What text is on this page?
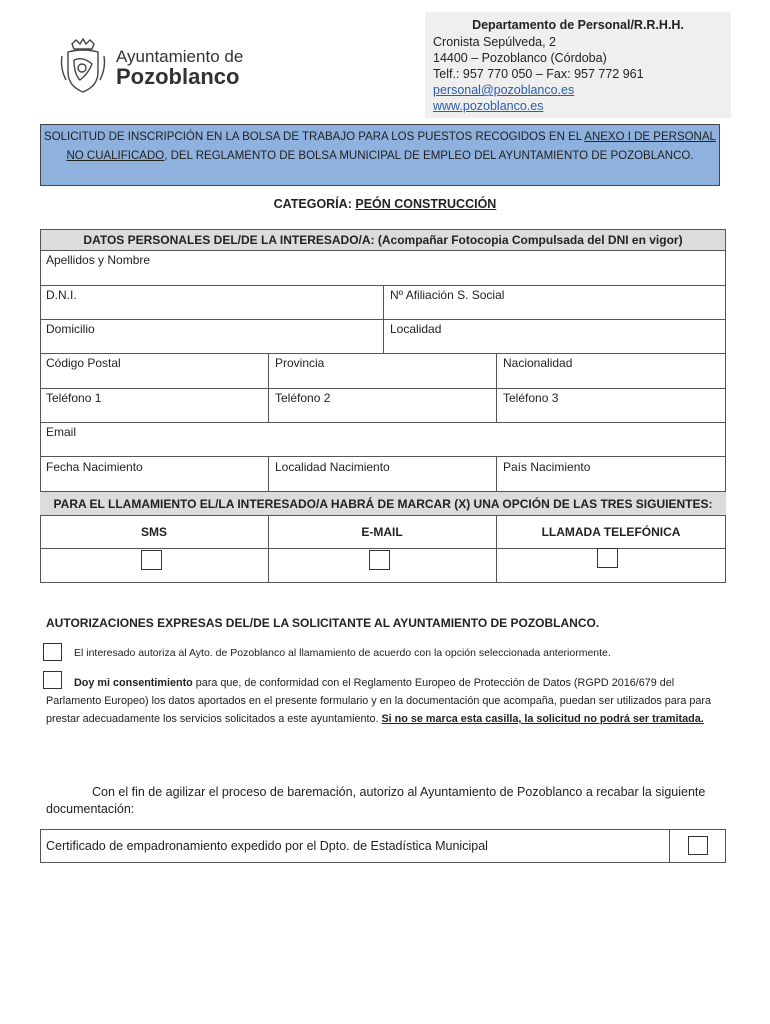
Ayuntamiento de
Pozoblanco
Departamento de Personal/R.R.H.H.
Cronista Sepúlveda, 2
14400 – Pozoblanco (Córdoba)
Telf.: 957 770 050 – Fax: 957 772 961
personal@pozoblanco.es
www.pozoblanco.es
SOLICITUD DE INSCRIPCIÓN EN LA BOLSA DE TRABAJO PARA LOS PUESTOS RECOGIDOS EN EL ANEXO I DE PERSONAL NO CUALIFICADO, DEL REGLAMENTO DE BOLSA MUNICIPAL DE EMPLEO DEL AYUNTAMIENTO DE POZOBLANCO.
CATEGORÍA: PEÓN CONSTRUCCIÓN
DATOS PERSONALES DEL/DE LA INTERESADO/A: (Acompañar Fotocopia Compulsada del DNI en vigor)
Apellidos y Nombre
D.N.I.	Nº Afiliación S. Social
Domicilio	Localidad
Código Postal	Provincia	Nacionalidad
Teléfono 1	Teléfono 2	Teléfono 3
Email
Fecha Nacimiento	Localidad Nacimiento	País Nacimiento
PARA EL LLAMAMIENTO EL/LA INTERESADO/A HABRÁ DE MARCAR (X) UNA OPCIÓN DE LAS TRES SIGUIENTES:
SMS	E-MAIL	LLAMADA TELEFÓNICA
AUTORIZACIONES EXPRESAS DEL/DE LA SOLICITANTE AL AYUNTAMIENTO DE POZOBLANCO.
El interesado autoriza al Ayto. de Pozoblanco al llamamiento de acuerdo con la opción seleccionada anteriormente.
Doy mi consentimiento para que, de conformidad con el Reglamento Europeo de Protección de Datos (RGPD 2016/679 del Parlamento Europeo) los datos aportados en el presente formulario y en la documentación que acompaña, puedan ser utilizados para para prestar adecuadamente los servicios solicitados a este ayuntamiento. Si no se marca esta casilla, la solicitud no podrá ser tramitada.
Con el fin de agilizar el proceso de baremación, autorizo al Ayuntamiento de Pozoblanco a recabar la siguiente documentación:
Certificado de empadronamiento expedido por el Dpto. de Estadística Municipal
